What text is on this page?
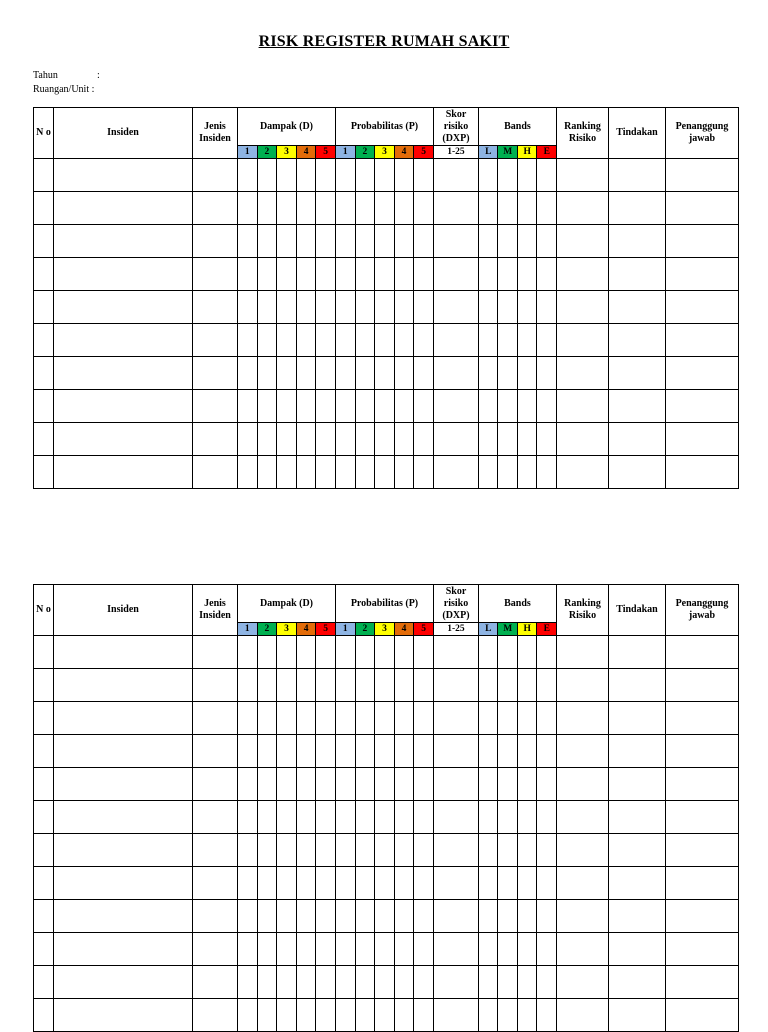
RISK REGISTER RUMAH SAKIT
Tahun	:
Ruangan/Unit :
N o	Insiden	Jenis Insiden	Dampak (D)					Probabilitas (P)					Skor risiko (DXP)	Bands				Ranking Risiko	Tindakan	Penanggung jawab
			1	2	3	4	5	1	2	3	4	5	1-25	L	M	H	E			

N o	Insiden	Jenis Insiden	Dampak (D)					Probabilitas (P)					Skor risiko (DXP)	Bands				Ranking Risiko	Tindakan	Penanggung jawab
			1	2	3	4	5	1	2	3	4	5	1-25	L	M	H	E			
